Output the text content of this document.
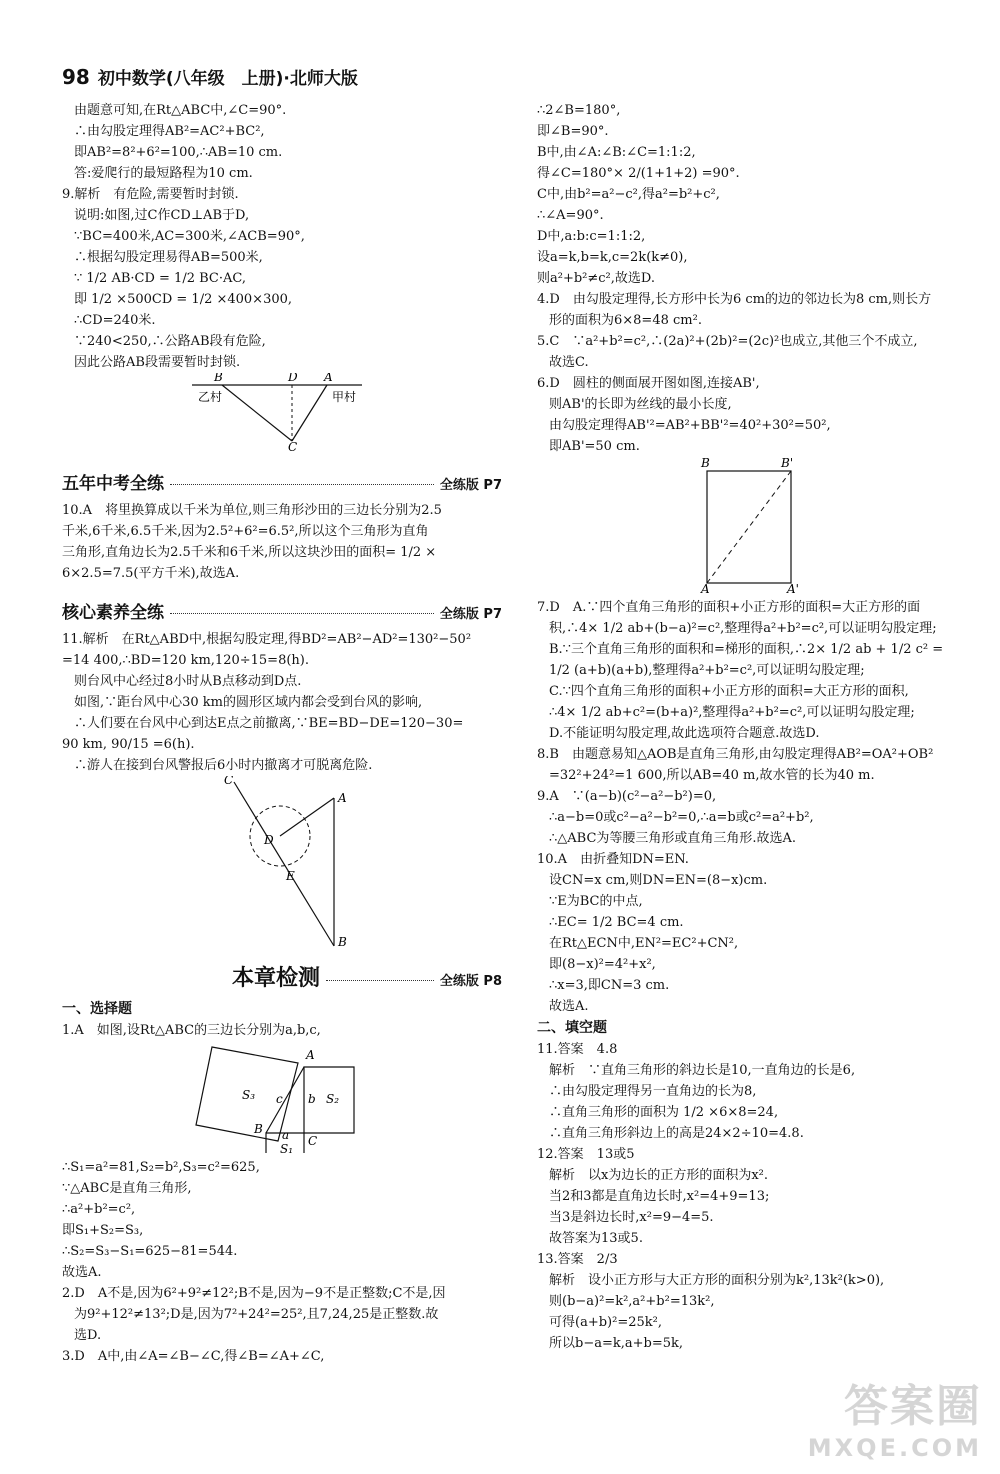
98 初中数学(八年级　上册)·北师大版
由题意可知,在Rt△ABC中,∠C=90°.
∴由勾股定理得AB²=AC²+BC²,
即AB²=8²+6²=100,∴AB=10 cm.
答:爱爬行的最短路程为10 cm.
9.解析　有危险,需要暂时封锁.
说明:如图,过C作CD⊥AB于D,
∵BC=400米,AC=300米,∠ACB=90°,
∴根据勾股定理易得AB=500米,
∵ 1/2 AB·CD = 1/2 BC·AC,
即 1/2 ×500CD = 1/2 ×400×300,
∴CD=240米.
∵240<250,∴公路AB段有危险,
因此公路AB段需要暂时封锁.
B	D A
C
乙村	甲村
五年中考全练	全练版 P7
10.A　将里换算成以千米为单位,则三角形沙田的三边长分别为2.5
千米,6千米,6.5千米,因为2.5²+6²=6.5²,所以这个三角形为直角
三角形,直角边长为2.5千米和6千米,所以这块沙田的面积= 1/2 ×
6×2.5=7.5(平方千米),故选A.
核心素养全练	全练版 P7
11.解析　在Rt△ABD中,根据勾股定理,得BD²=AB²−AD²=130²−50²
=14 400,∴BD=120 km,120÷15=8(h).
则台风中心经过8小时从B点移动到D点.
如图,∵距台风中心30 km的圆形区域内都会受到台风的影响,
∴人们要在台风中心到达E点之前撤离,∵BE=BD−DE=120−30=
90 km, 90/15 =6(h).
∴游人在接到台风警报后6小时内撤离才可脱离危险.
C
A
D
E
B
本章检测	全练版 P8
一、选择题
1.A　如图,设Rt△ABC的三边长分别为a,b,c,
A
B
C
S₃	S₂
S₁
a
b
c
∴S₁=a²=81,S₂=b²,S₃=c²=625,
∵△ABC是直角三角形,
∴a²+b²=c²,
即S₁+S₂=S₃,
∴S₂=S₃−S₁=625−81=544.
故选A.
2.D　A不是,因为6²+9²≠12²;B不是,因为−9不是正整数;C不是,因
为9²+12²≠13²;D是,因为7²+24²=25²,且7,24,25是正整数.故
选D.
3.D　A中,由∠A=∠B−∠C,得∠B=∠A+∠C,
∴2∠B=180°,
即∠B=90°.
B中,由∠A:∠B:∠C=1:1:2,
得∠C=180°× 2/(1+1+2) =90°.
C中,由b²=a²−c²,得a²=b²+c²,
∴∠A=90°.
D中,a:b:c=1:1:2,
设a=k,b=k,c=2k(k≠0),
则a²+b²≠c²,故选D.
4.D　由勾股定理得,长方形中长为6 cm的边的邻边长为8 cm,则长方
形的面积为6×8=48 cm².
5.C　∵a²+b²=c²,∴(2a)²+(2b)²=(2c)²也成立,其他三个不成立,
故选C.
6.D　圆柱的侧面展开图如图,连接AB',
则AB'的长即为丝线的最小长度,
由勾股定理得AB'²=AB²+BB'²=40²+30²=50²,
即AB'=50 cm.
B	B'
A	A'
7.D　A.∵四个直角三角形的面积+小正方形的面积=大正方形的面
积,∴4× 1/2 ab+(b−a)²=c²,整理得a²+b²=c²,可以证明勾股定理;
B.∵三个直角三角形的面积和=梯形的面积,∴2× 1/2 ab + 1/2 c² =
1/2 (a+b)(a+b),整理得a²+b²=c²,可以证明勾股定理;
C.∵四个直角三角形的面积+小正方形的面积=大正方形的面积,
∴4× 1/2 ab+c²=(b+a)²,整理得a²+b²=c²,可以证明勾股定理;
D.不能证明勾股定理,故此选项符合题意.故选D.
8.B　由题意易知△AOB是直角三角形,由勾股定理得AB²=OA²+OB²
=32²+24²=1 600,所以AB=40 m,故水管的长为40 m.
9.A　∵(a−b)(c²−a²−b²)=0,
∴a−b=0或c²−a²−b²=0,∴a=b或c²=a²+b²,
∴△ABC为等腰三角形或直角三角形.故选A.
10.A　由折叠知DN=EN.
设CN=x cm,则DN=EN=(8−x)cm.
∵E为BC的中点,
∴EC= 1/2 BC=4 cm.
在Rt△ECN中,EN²=EC²+CN²,
即(8−x)²=4²+x²,
∴x=3,即CN=3 cm.
故选A.
二、填空题
11.答案　4.8
解析　∵直角三角形的斜边长是10,一直角边的长是6,
∴由勾股定理得另一直角边的长为8,
∴直角三角形的面积为 1/2 ×6×8=24,
∴直角三角形斜边上的高是24×2÷10=4.8.
12.答案　13或5
解析　以x为边长的正方形的面积为x².
当2和3都是直角边长时,x²=4+9=13;
当3是斜边长时,x²=9−4=5.
故答案为13或5.
13.答案　2/3
解析　设小正方形与大正方形的面积分别为k²,13k²(k>0),
则(b−a)²=k²,a²+b²=13k²,
可得(a+b)²=25k²,
所以b−a=k,a+b=5k,
答案圈
MXQE.COM
